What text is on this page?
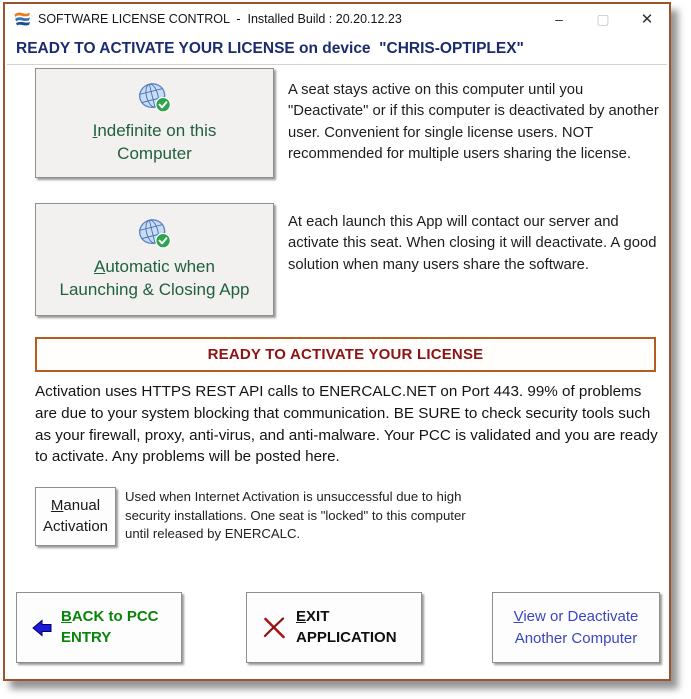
SOFTWARE LICENSE CONTROL  -  Installed Build : 20.20.12.23	–	▢	✕
READY TO ACTIVATE YOUR LICENSE on device  "CHRIS-OPTIPLEX"
Indefinite on this
Computer
A seat stays active on this computer until you "Deactivate" or if this computer is deactivated by another user. Convenient for single license users. NOT recommended for multiple users sharing the license.
Automatic when
Launching & Closing App
At each launch this App will contact our server and activate this seat. When closing it will deactivate. A good solution when many users share the software.
READY TO ACTIVATE YOUR LICENSE
Activation uses HTTPS REST API calls to ENERCALC.NET on Port 443. 99% of problems are due to your system blocking that communication. BE SURE to check security tools such as your firewall, proxy, anti-virus, and anti-malware. Your PCC is validated and you are ready to activate. Any problems will be posted here.
Manual
Activation
Used when Internet Activation is unsuccessful due to high security installations. One seat is "locked" to this computer until released by ENERCALC.
BACK to PCC
ENTRY
EXIT
APPLICATION
View or Deactivate
Another Computer
